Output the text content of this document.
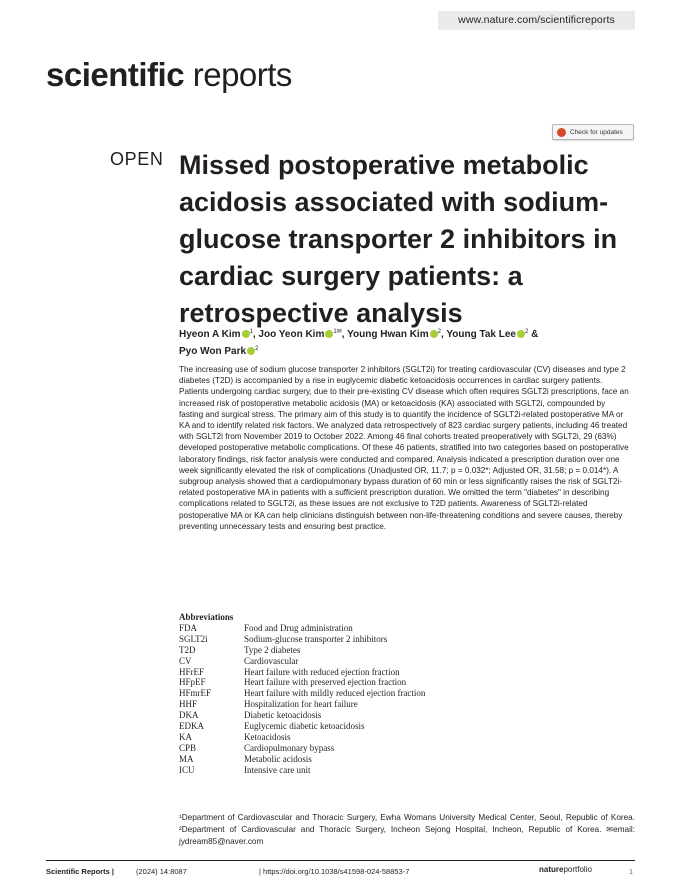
www.nature.com/scientificreports
scientific reports
Check for updates
OPEN Missed postoperative metabolic acidosis associated with sodium-glucose transporter 2 inhibitors in cardiac surgery patients: a retrospective analysis
Hyeon A Kim $^1$, Joo Yeon Kim $^{1✉}$, Young Hwan Kim $^2$, Young Tak Lee $^2$ &
Pyo Won Park $^2$

The increasing use of sodium glucose transporter 2 inhibitors (SGLT2i) for treating cardiovascular (CV) diseases and type 2 diabetes (T2D) is accompanied by a rise in euglycemic diabetic ketoacidosis occurrences in cardiac surgery patients. Patients undergoing cardiac surgery, due to their pre-existing CV disease which often requires SGLT2i prescriptions, face an increased risk of postoperative metabolic acidosis (MA) or ketoacidosis (KA) associated with SGLT2i, compounded by fasting and surgical stress. The primary aim of this study is to quantify the incidence of SGLT2i-related postoperative MA or KA and to identify related risk factors. We analyzed data retrospectively of 823 cardiac surgery patients, including 46 treated with SGLT2i from November 2019 to October 2022. Among 46 final cohorts treated preoperatively with SGLT2i, 29 (63%) developed postoperative metabolic complications. Of these 46 patients, stratified into two categories based on postoperative laboratory findings, risk factor analysis were conducted and compared. Analysis indicated a prescription duration over one week significantly elevated the risk of complications (Unadjusted OR, 11.7; p = 0.032*; Adjusted OR, 31.58; p = 0.014*). A subgroup analysis showed that a cardiopulmonary bypass duration of 60 min or less significantly raises the risk of SGLT2i-related postoperative MA in patients with a sufficient prescription duration. We omitted the term "diabetes" in describing complications related to SGLT2i, as these issues are not exclusive to T2D patients. Awareness of SGLT2i-related postoperative MA or KA can help clinicians distinguish between non-life-threatening conditions and severe causes, thereby preventing unnecessary tests and ensuring best practice.

Abbreviations
FDA	Food and Drug administration
SGLT2i	Sodium-glucose transporter 2 inhibitors
T2D	Type 2 diabetes
CV	Cardiovascular
HFrEF	Heart failure with reduced ejection fraction
HFpEF	Heart failure with preserved ejection fraction
HFmrEF	Heart failure with mildly reduced ejection fraction
HHF	Hospitalization for heart failure
DKA	Diabetic ketoacidosis
EDKA	Euglycemic diabetic ketoacidosis
KA	Ketoacidosis
CPB	Cardiopulmonary bypass
MA	Metabolic acidosis
ICU	Intensive care unit

¹Department of Cardiovascular and Thoracic Surgery, Ewha Womans University Medical Center, Seoul, Republic of Korea. ²Department of Cardiovascular and Thoracic Surgery, Incheon Sejong Hospital, Incheon, Republic of Korea. ✉email: jydream85@naver.com

Scientific Reports |	(2024) 14:8087	| https://doi.org/10.1038/s41598-024-58853-7	natureportfolio	1
